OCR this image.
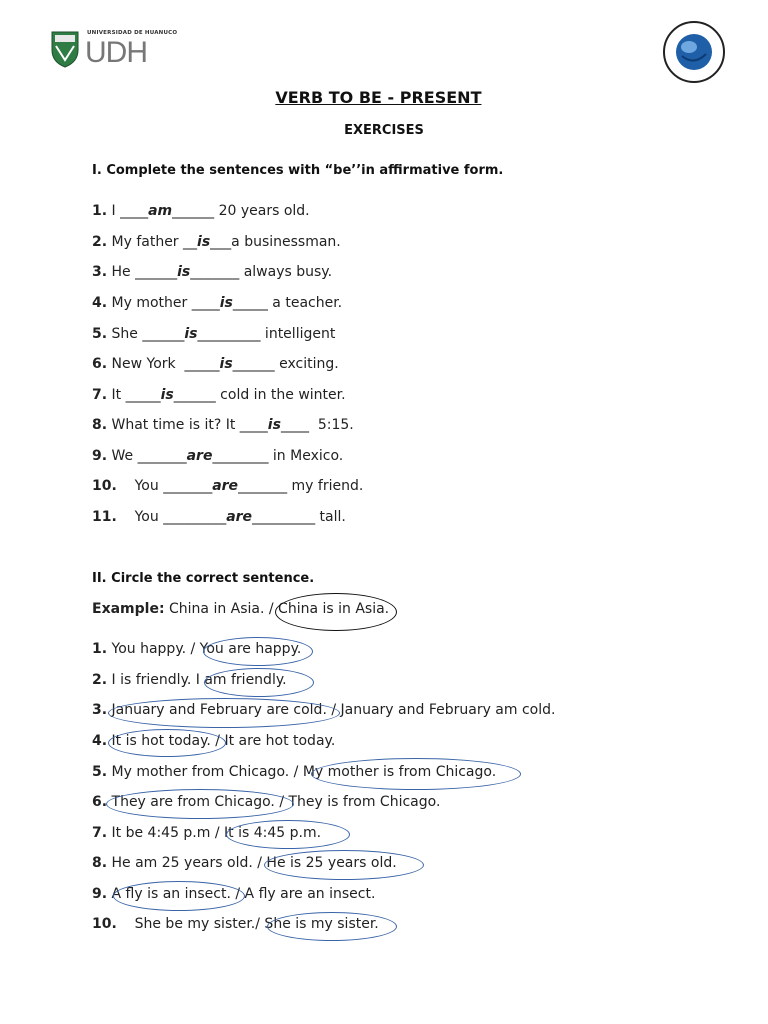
UNIVERSIDAD DE HUANUCO
UDH
VERB TO BE - PRESENT
EXERCISES
I. Complete the sentences with “be’’in affirmative form.
1. I ____am______ 20 years old.
2. My father __is___a businessman.
3. He ______is_______ always busy.
4. My mother ____is_____ a teacher.
5. She ______is_________ intelligent
6. New York  _____is______ exciting.
7. It _____is______ cold in the winter.
8. What time is it? It ____is____  5:15.
9. We _______are________ in Mexico.
10.    You _______are_______ my friend.
11.    You _________are_________ tall.
II. Circle the correct sentence.
Example: China in Asia. / China is in Asia.
1. You happy. / You are happy.
2. I is friendly. I am friendly.
3. January and February are cold. / January and February am cold.
4. It is hot today. / It are hot today.
5. My mother from Chicago. / My mother is from Chicago.
6. They are from Chicago. / They is from Chicago.
7. It be 4:45 p.m / It is 4:45 p.m.
8. He am 25 years old. / He is 25 years old.
9. A fly is an insect. / A fly are an insect.
10.    She be my sister./ She is my sister.
